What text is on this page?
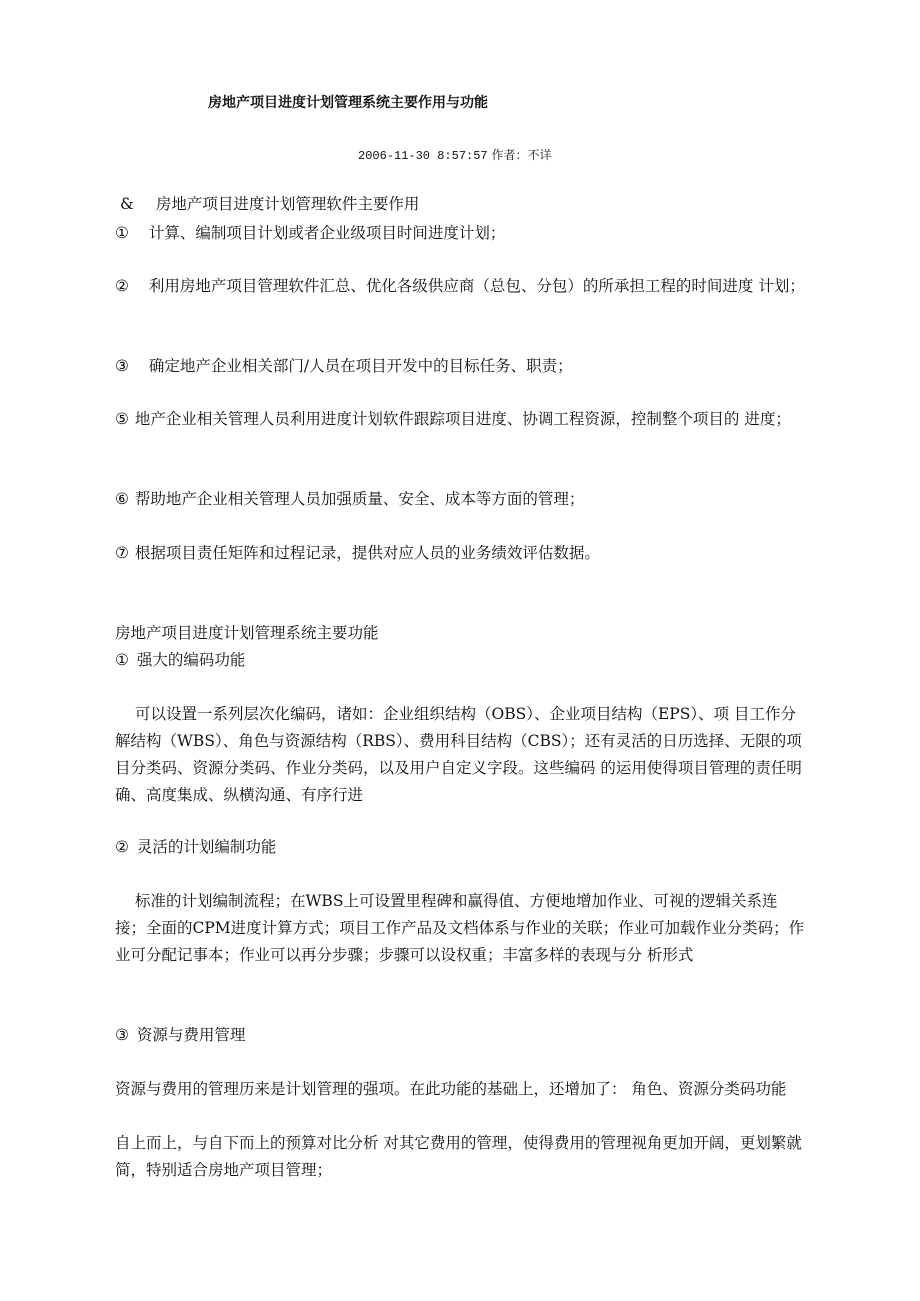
房地产项目进度计划管理系统主要作用与功能
2006-11-30 8:57:57 作者：不详
& 房地产项目进度计划管理软件主要作用
① 计算、编制项目计划或者企业级项目时间进度计划；
② 利用房地产项目管理软件汇总、优化各级供应商（总包、分包）的所承担工程的时间进度 计划；
③ 确定地产企业相关部门/人员在项目开发中的目标任务、职责；
⑤ 地产企业相关管理人员利用进度计划软件跟踪项目进度、协调工程资源，控制整个项目的 进度；
⑥ 帮助地产企业相关管理人员加强质量、安全、成本等方面的管理；
⑦ 根据项目责任矩阵和过程记录，提供对应人员的业务绩效评估数据。
房地产项目进度计划管理系统主要功能
① 强大的编码功能
可以设置一系列层次化编码，诸如：企业组织结构（OBS）、企业项目结构（EPS）、项 目工作分解结构（WBS）、角色与资源结构（RBS）、费用科目结构（CBS）；还有灵活的日历选择、无限的项目分类码、资源分类码、作业分类码，以及用户自定义字段。这些编码 的运用使得项目管理的责任明确、高度集成、纵横沟通、有序行进
② 灵活的计划编制功能
标准的计划编制流程；在WBS上可设置里程碑和赢得值、方便地增加作业、可视的逻辑关系连接；全面的CPM进度计算方式；项目工作产品及文档体系与作业的关联；作业可加载作业分类码；作业可分配记事本；作业可以再分步骤；步骤可以设权重；丰富多样的表现与分 析形式
③ 资源与费用管理
资源与费用的管理历来是计划管理的强项。在此功能的基础上，还增加了： 角色、资源分类码功能
自上而上，与自下而上的预算对比分析 对其它费用的管理，使得费用的管理视角更加开阔，更划繁就简，特别适合房地产项目管理；
